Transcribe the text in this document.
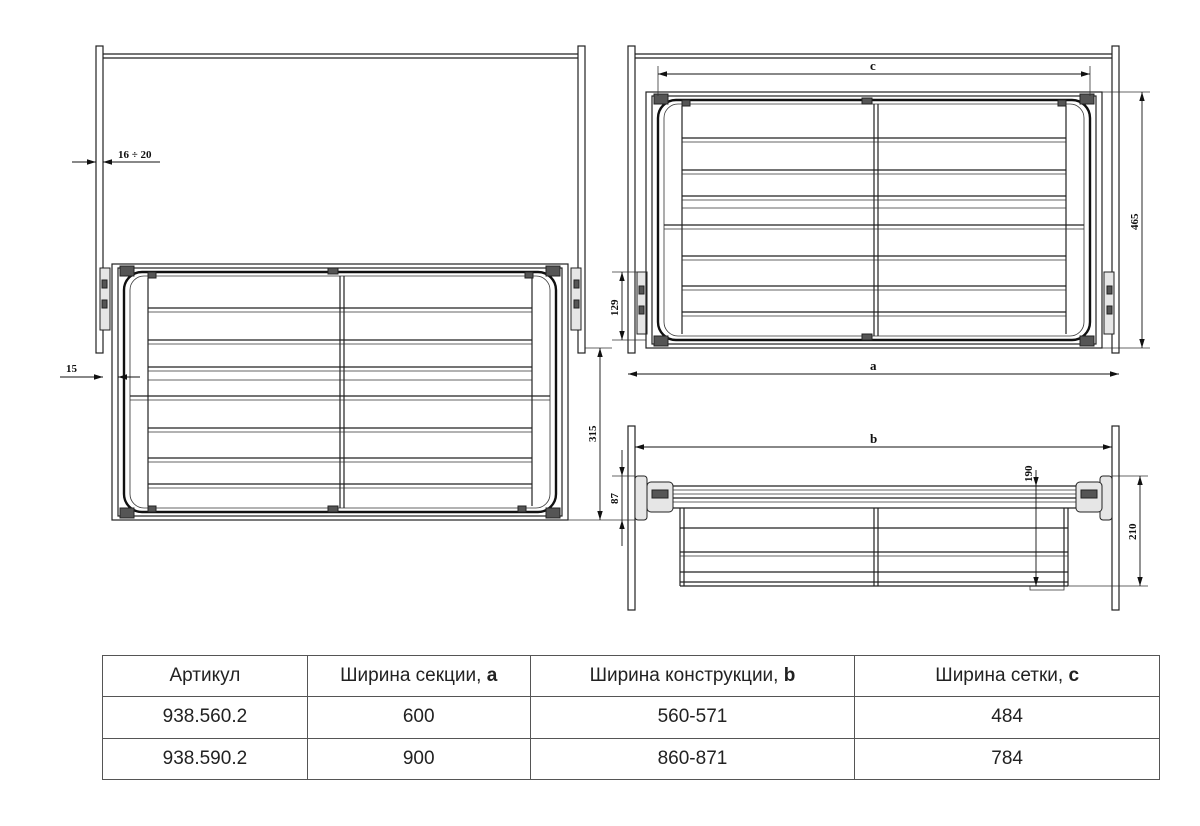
16 ÷ 20
15
315
c
a
465
129
b
87
190
210
Артикул	Ширина секции, a	Ширина конструкции, b	Ширина сетки, c
938.560.2	600	560-571	484
938.590.2	900	860-871	784
